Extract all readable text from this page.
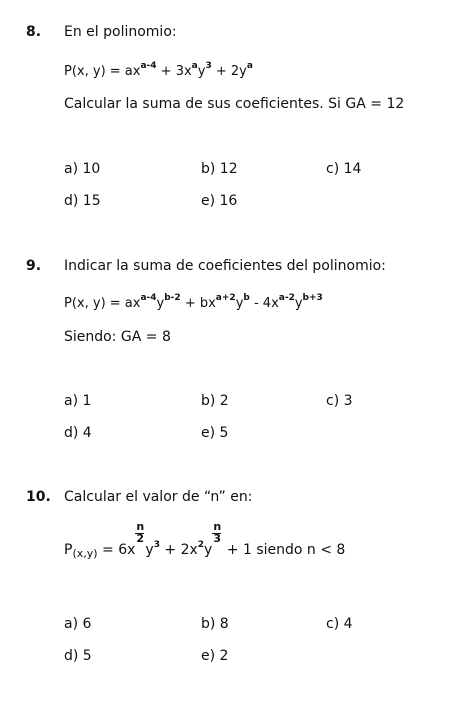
8. En el polinomio:
P(x, $y) = ax^{a-4} + 3x^ay^3 + 2y^a$
Calcular la suma de sus coeficientes. Si GA = 12
a) 10	b) 12	c) 14
d) 15	e) 16
9. Indicar la suma de coeficientes del polinomio:
P(x, $y) = ax^{a-4}y^{b-2} + bx^{a+2}y^b - 4x^{a-2}y^{b+3}$
Siendo: GA = 8
a) 1	b) 2	c) 3
d) 4	e) 5
10. Calcular el valor de “n” en:
$P_{(x,y)} = 6x \frac{n}{2} y^3 + 2x^2y \frac{n}{3} + 1$ siendo n < 8
a) 6	b) 8	c) 4
d) 5	e) 2
